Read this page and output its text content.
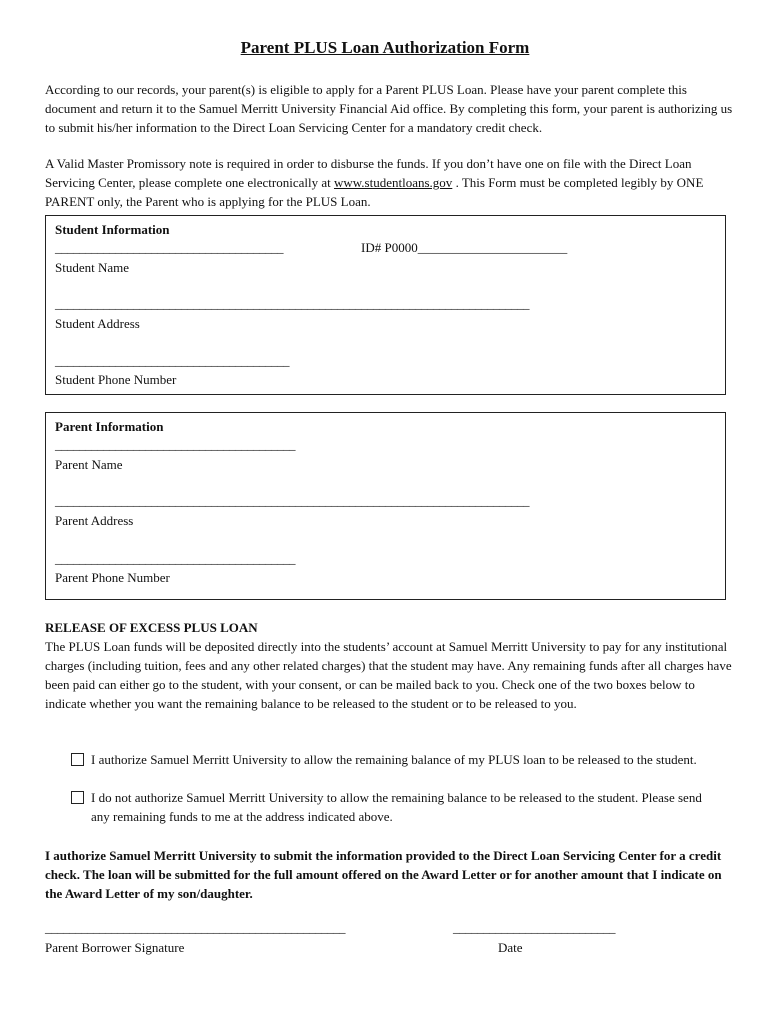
Parent PLUS Loan Authorization Form

According to our records, your parent(s) is eligible to apply for a Parent PLUS Loan. Please have your parent complete this document and return it to the Samuel Merritt University Financial Aid office. By completing this form, your parent is authorizing us to submit his/her information to the Direct Loan Servicing Center for a mandatory credit check.

A Valid Master Promissory note is required in order to disburse the funds. If you don’t have one on file with the Direct Loan Servicing Center, please complete one electronically at www.studentloans.gov . This Form must be completed legibly by ONE PARENT only, the Parent who is applying for the PLUS Loan.

Student Information
______________________________________	ID# P0000_______________________
Student Name
_______________________________________________________________________________
Student Address
_______________________________________
Student Phone Number
Parent Information
________________________________________
Parent Name
_______________________________________________________________________________
Parent Address
________________________________________
Parent Phone Number
RELEASE OF EXCESS PLUS LOAN

The PLUS Loan funds will be deposited directly into the students’ account at Samuel Merritt University to pay for any institutional charges (including tuition, fees and any other related charges) that the student may have. Any remaining funds after all charges have been paid can either go to the student, with your consent, or can be mailed back to you. Check one of the two boxes below to indicate whether you want the remaining balance to be released to the student or to be released to you.

I authorize Samuel Merritt University to allow the remaining balance of my PLUS loan to be released to the student.
I do not authorize Samuel Merritt University to allow the remaining balance to be released to the student. Please send any remaining funds to me at the address indicated above.

I authorize Samuel Merritt University to submit the information provided to the Direct Loan Servicing Center for a credit check. The loan will be submitted for the full amount offered on the Award Letter or for another amount that I indicate on the Award Letter of my son/daughter.

__________________________________________________
Parent Borrower Signature
___________________________
Date
